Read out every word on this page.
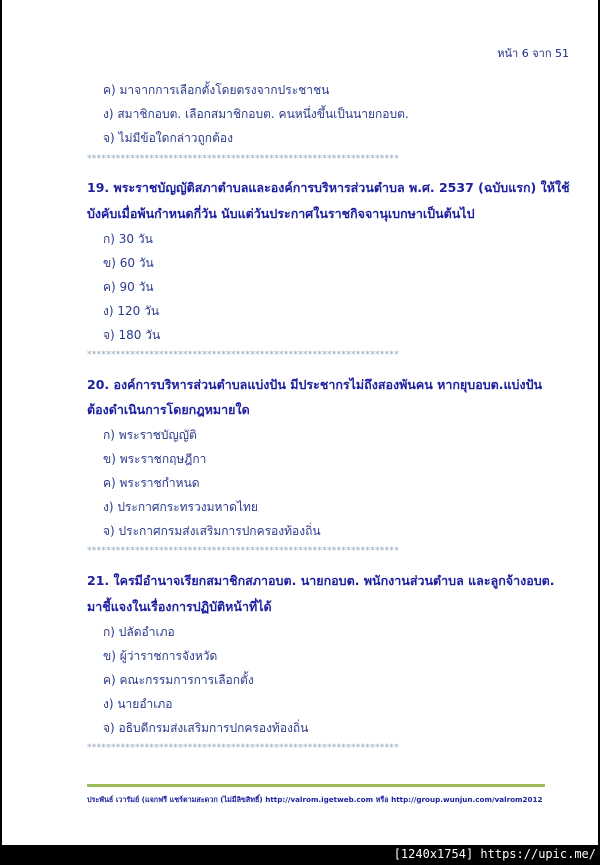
หน้า 6 จาก 51
ค) มาจากการเลือกตั้งโดยตรงจากประชาชน
ง) สมาชิกอบต. เลือกสมาชิกอบต. คนหนึ่งขึ้นเป็นนายกอบต.
จ) ไม่มีข้อใดกล่าวถูกต้อง
*****************************************************************
19. พระราชบัญญัติสภาตำบลและองค์การบริหารส่วนตำบล พ.ศ. 2537 (ฉบับแรก) ให้ใช้
บังคับเมื่อพ้นกำหนดกี่วัน นับแต่วันประกาศในราชกิจจานุเบกษาเป็นต้นไป
ก) 30 วัน
ข) 60 วัน
ค) 90 วัน
ง) 120 วัน
จ) 180 วัน
*****************************************************************
20. องค์การบริหารส่วนตำบลแบ่งปัน มีประชากรไม่ถึงสองพันคน หากยุบอบต.แบ่งปัน
ต้องดำเนินการโดยกฎหมายใด
ก) พระราชบัญญัติ
ข) พระราชกฤษฎีกา
ค) พระราชกำหนด
ง) ประกาศกระทรวงมหาดไทย
จ) ประกาศกรมส่งเสริมการปกครองท้องถิ่น
*****************************************************************
21. ใครมีอำนาจเรียกสมาชิกสภาอบต. นายกอบต. พนักงานส่วนตำบล และลูกจ้างอบต.
มาชี้แจงในเรื่องการปฏิบัติหน้าที่ได้
ก) ปลัดอำเภอ
ข) ผู้ว่าราชการจังหวัด
ค) คณะกรรมการการเลือกตั้ง
ง) นายอำเภอ
จ) อธิบดีกรมส่งเสริมการปกครองท้องถิ่น
*****************************************************************
ประพันธ์ เวารัมย์ (แจกฟรี แชร์ตามสะดวก (ไม่มีลิขสิทธิ์) http://valrom.igetweb.com หรือ http://group.wunjun.com/valrom2012
[1240x1754] https://upic.me/
